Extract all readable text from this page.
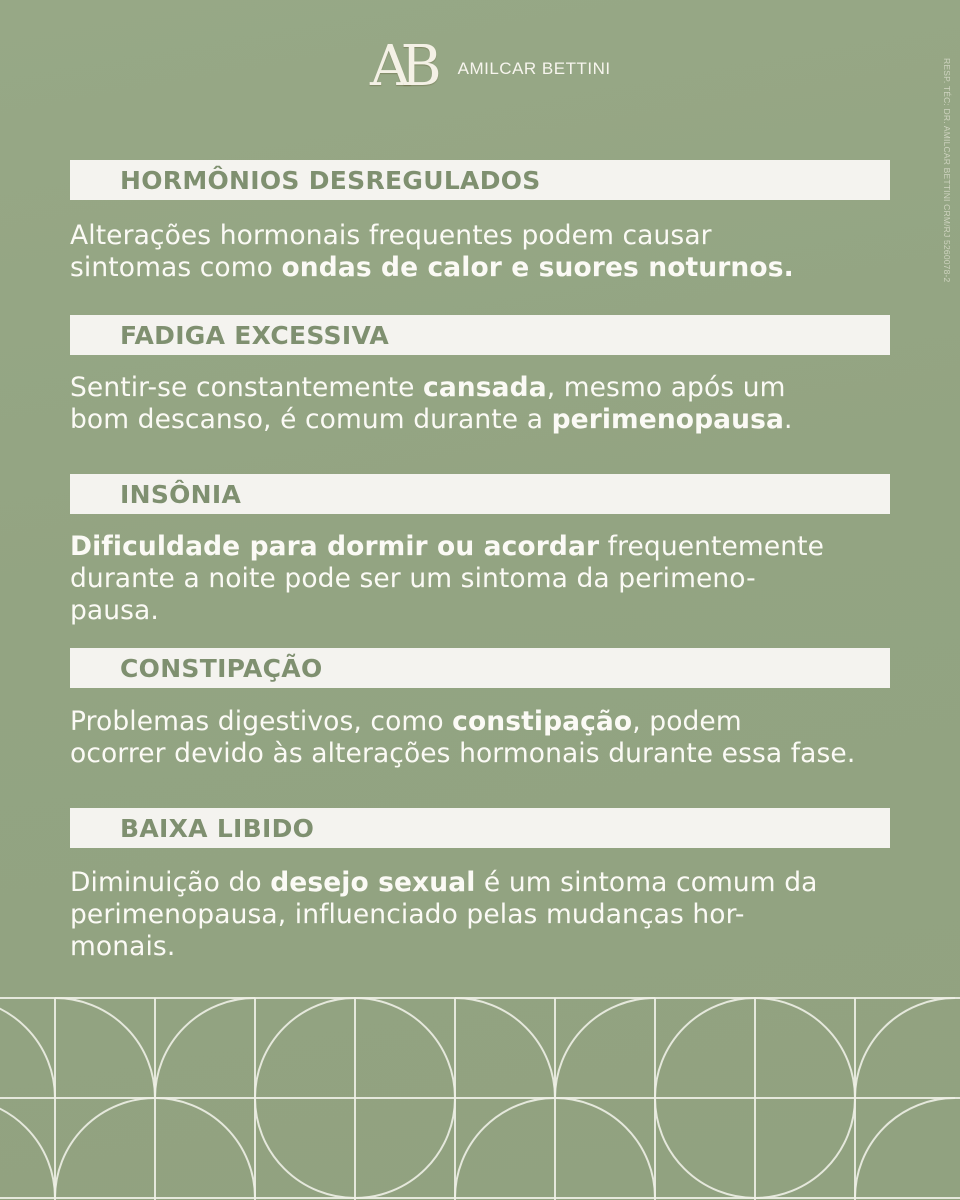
AB AMILCAR BETTINI	RESP. TÉC: DR. AMILCAR BETTINI CRM/RJ 5260078-2
HORMÔNIOS DESREGULADOS
Alterações hormonais frequentes podem causar
sintomas como ondas de calor e suores noturnos.
FADIGA EXCESSIVA
Sentir-se constantemente cansada, mesmo após um
bom descanso, é comum durante a perimenopausa.
INSÔNIA
Dificuldade para dormir ou acordar frequentemente
durante a noite pode ser um sintoma da perimeno-
pausa.
CONSTIPAÇÃO
Problemas digestivos, como constipação, podem
ocorrer devido às alterações hormonais durante essa fase.
BAIXA LIBIDO
Diminuição do desejo sexual é um sintoma comum da
perimenopausa, influenciado pelas mudanças hor-
monais.
